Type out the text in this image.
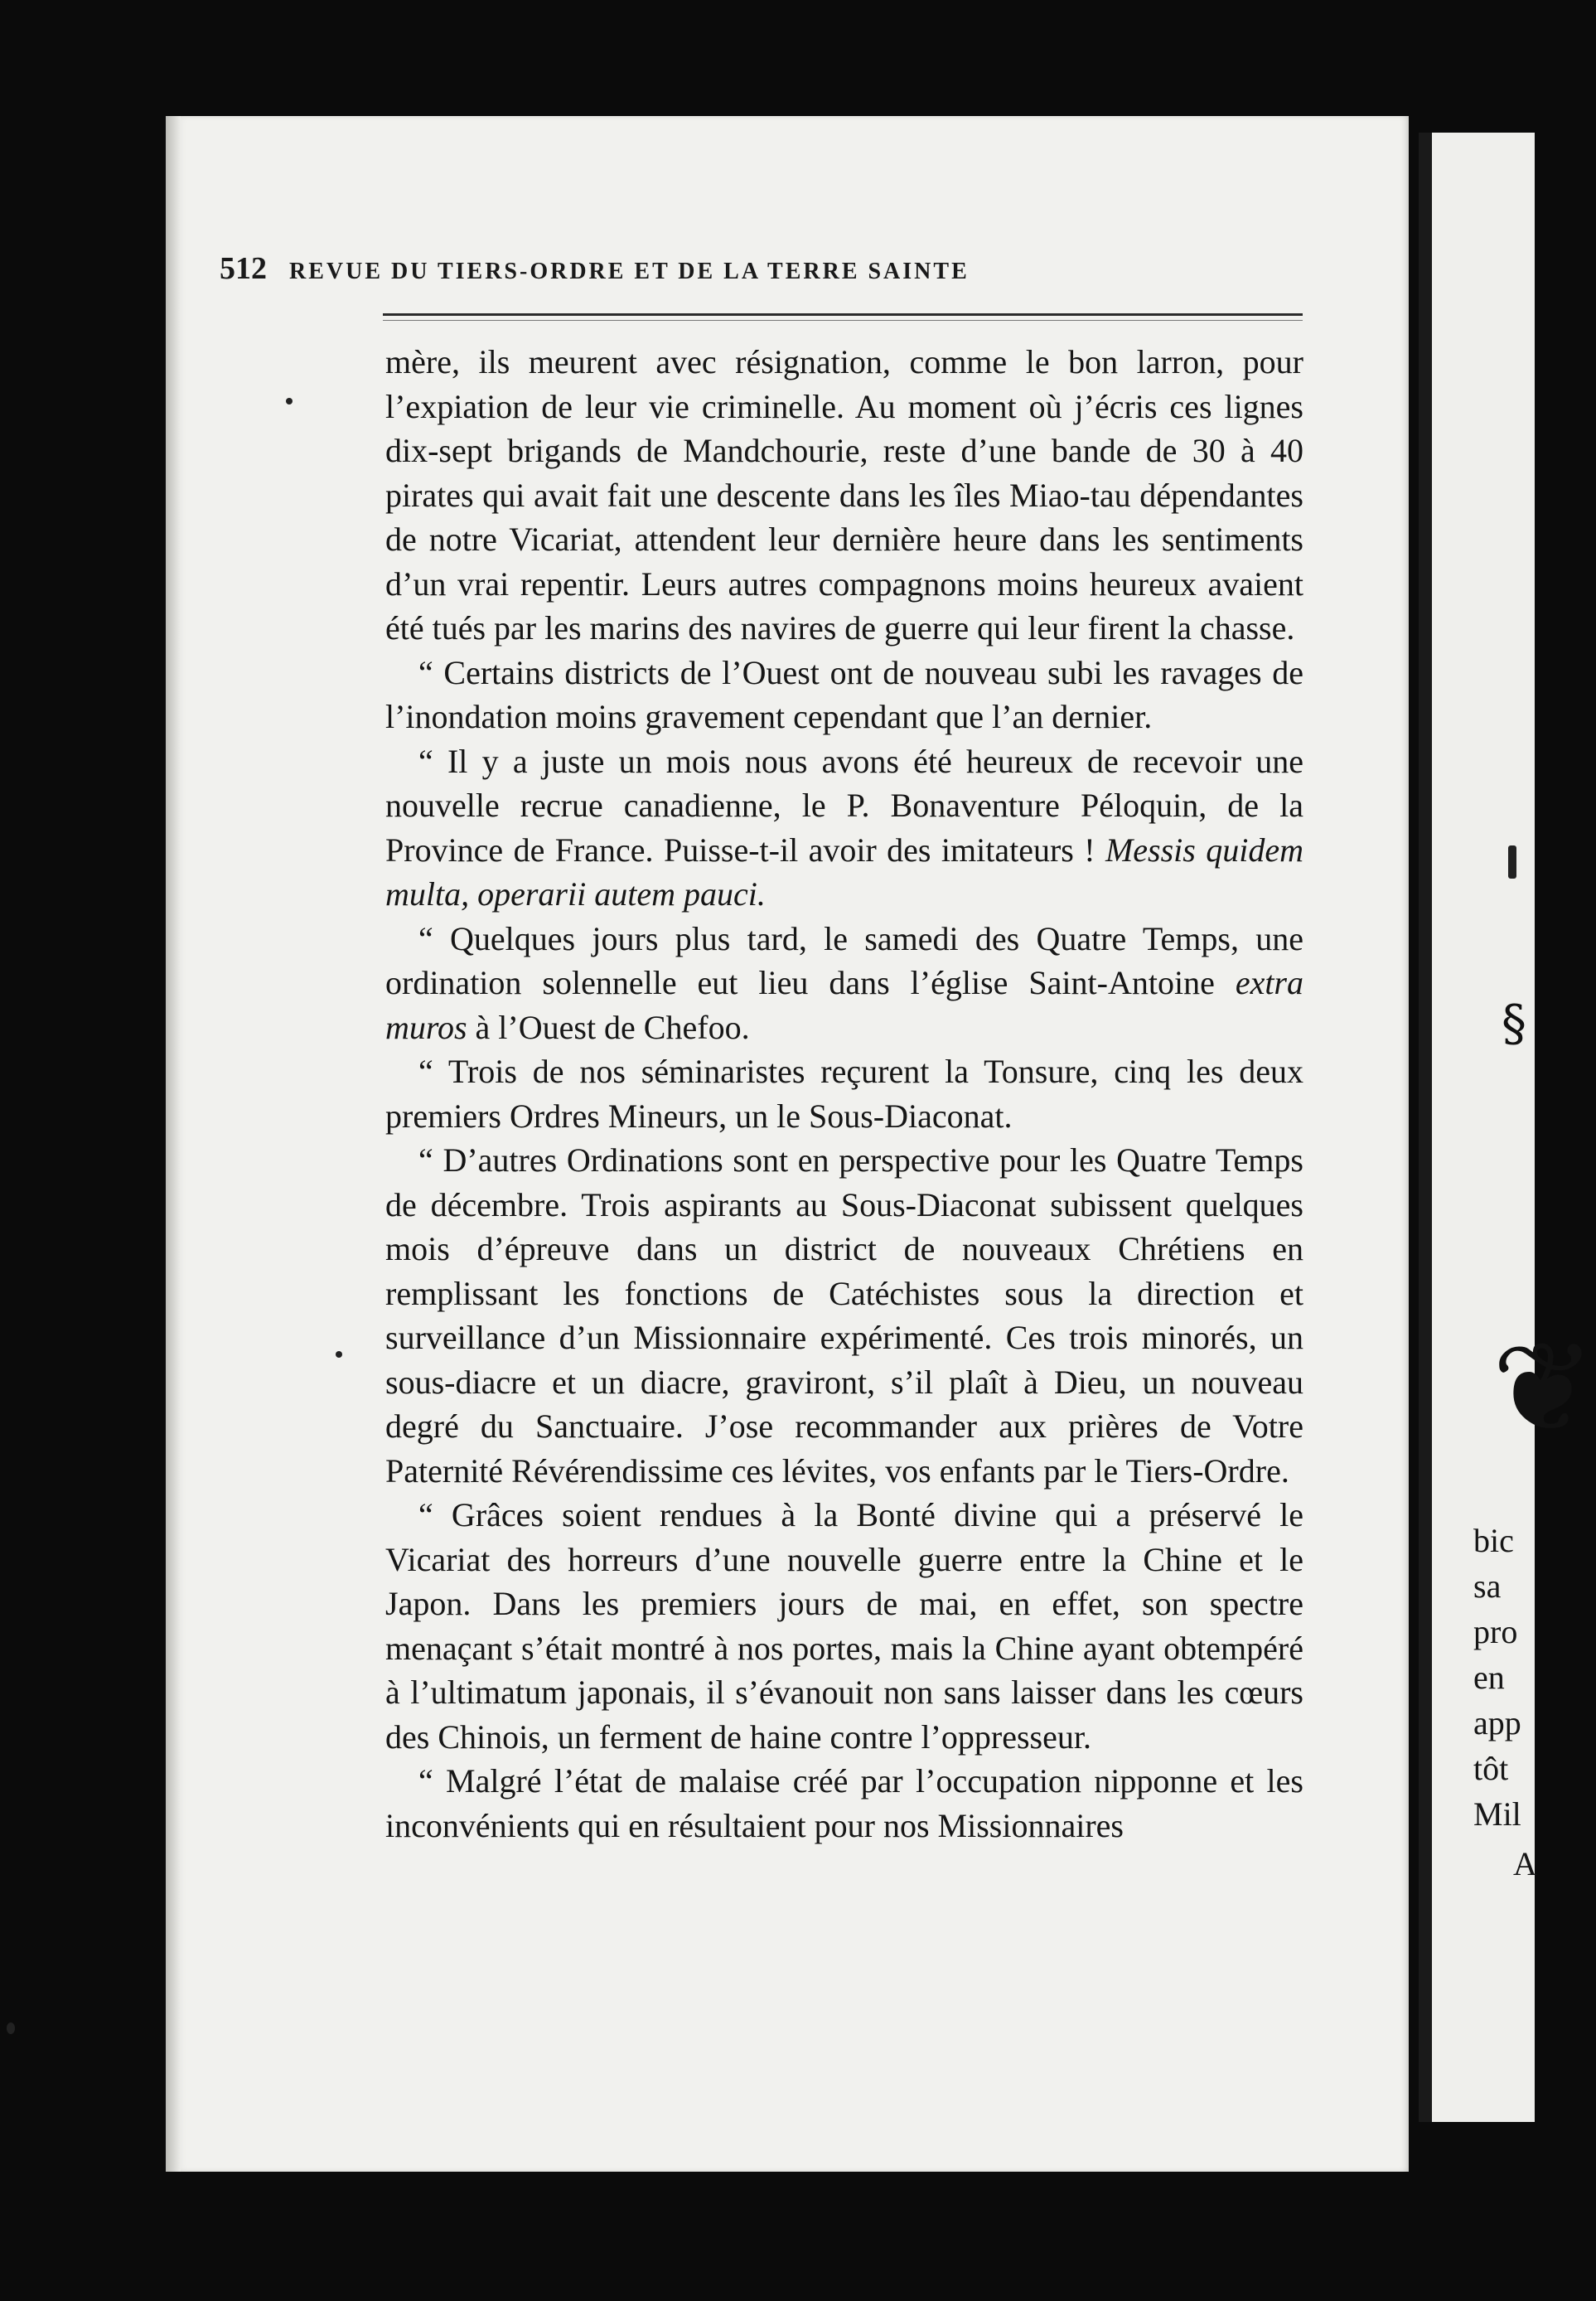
512 REVUE DU TIERS-ORDRE ET DE LA TERRE SAINTE

mère, ils meurent avec résignation, comme le bon larron, pour l’expiation de leur vie criminelle. Au moment où j’écris ces lignes dix-sept brigands de Mandchourie, reste d’une bande de 30 à 40 pirates qui avait fait une descente dans les îles Miao-tau dépendantes de notre Vicariat, attendent leur dernière heure dans les sentiments d’un vrai repentir. Leurs autres compagnons moins heureux avaient été tués par les marins des navires de guerre qui leur firent la chasse.

“ Certains districts de l’Ouest ont de nouveau subi les ravages de l’inondation moins gravement cependant que l’an dernier.

“ Il y a juste un mois nous avons été heureux de recevoir une nouvelle recrue canadienne, le P. Bonaventure Péloquin, de la Province de France. Puisse-t-il avoir des imitateurs ! Messis quidem multa, operarii autem pauci.

“ Quelques jours plus tard, le samedi des Quatre Temps, une ordination solennelle eut lieu dans l’église Saint-Antoine extra muros à l’Ouest de Chefoo.

“ Trois de nos séminaristes reçurent la Tonsure, cinq les deux premiers Ordres Mineurs, un le Sous-Diaconat.

“ D’autres Ordinations sont en perspective pour les Quatre Temps de décembre. Trois aspirants au Sous-Diaconat subissent quelques mois d’épreuve dans un district de nouveaux Chrétiens en remplissant les fonctions de Catéchistes sous la direction et surveillance d’un Missionnaire expérimenté. Ces trois minorés, un sous-diacre et un diacre, graviront, s’il plaît à Dieu, un nouveau degré du Sanctuaire. J’ose recommander aux prières de Votre Paternité Révérendissime ces lévites, vos enfants par le Tiers-Ordre.

“ Grâces soient rendues à la Bonté divine qui a préservé le Vicariat des horreurs d’une nouvelle guerre entre la Chine et le Japon. Dans les premiers jours de mai, en effet, son spectre menaçant s’était montré à nos portes, mais la Chine ayant obtempéré à l’ultimatum japonais, il s’évanouit non sans laisser dans les cœurs des Chinois, un ferment de haine contre l’oppresseur.

“ Malgré l’état de malaise créé par l’occupation nipponne et les inconvénients qui en résultaient pour nos Missionnaires

bic
sa
pro
en
app
tôt
Mil
A
§
❦
